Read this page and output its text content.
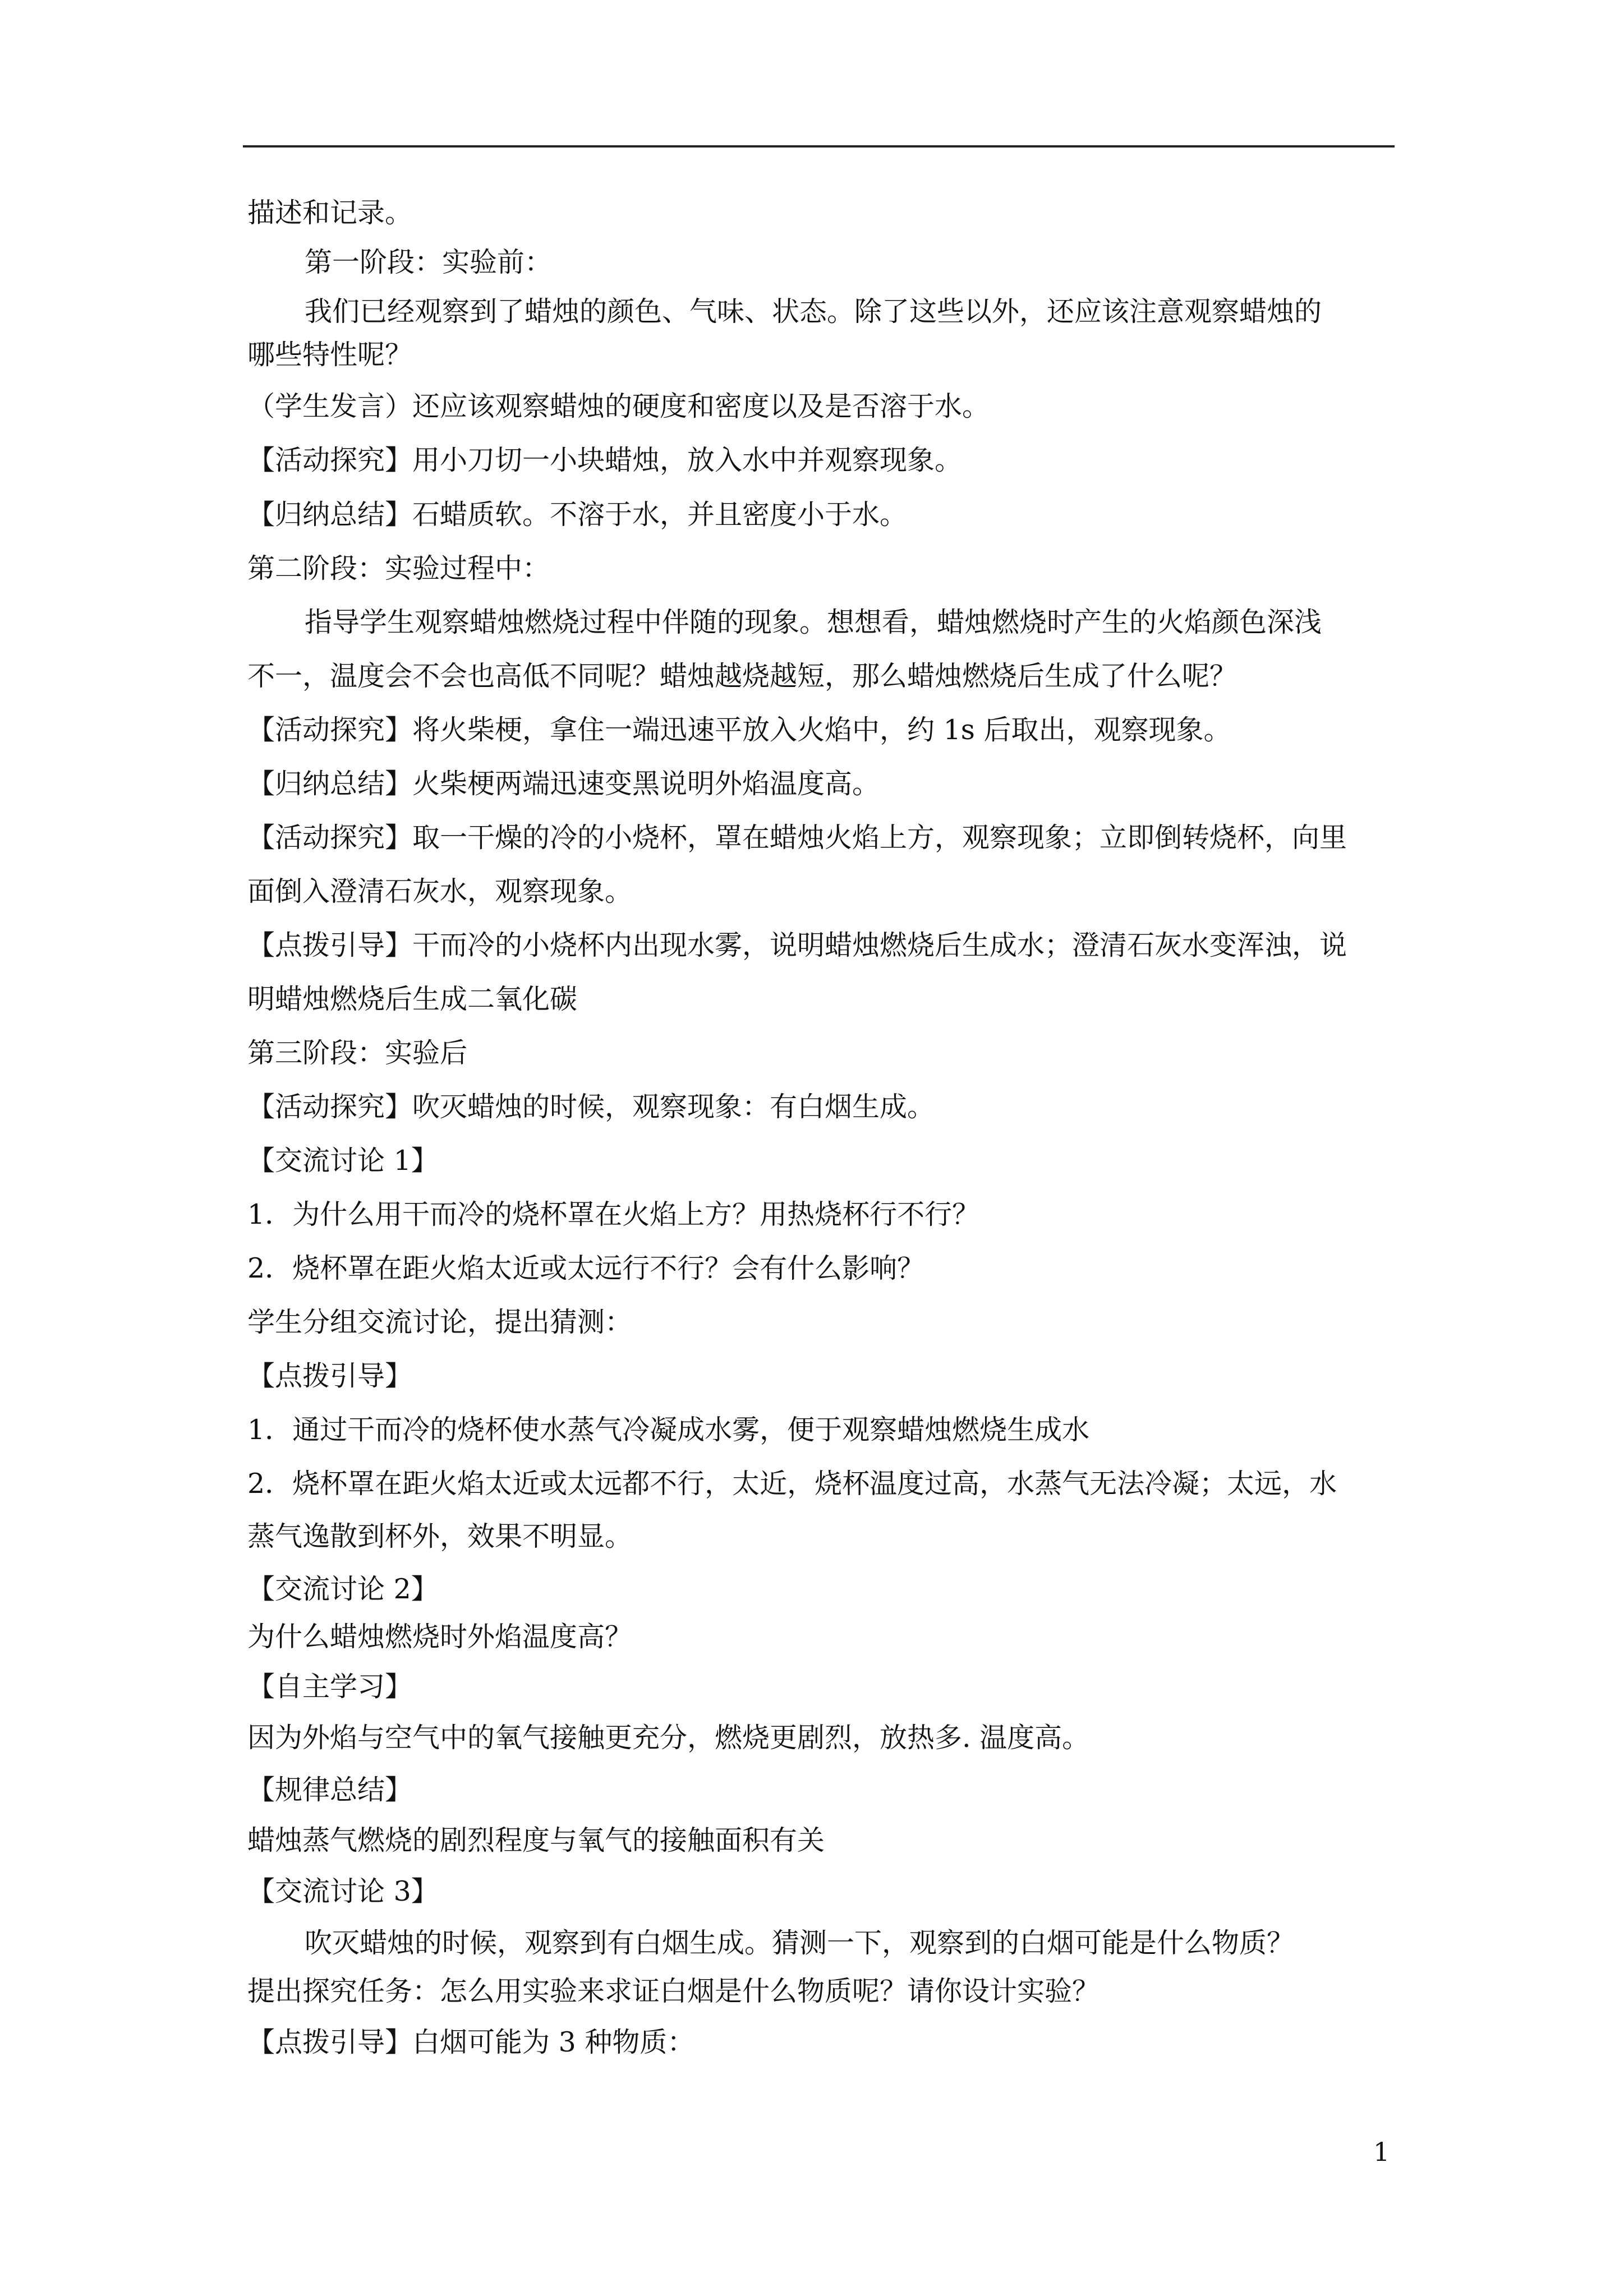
描述和记录。

第一阶段：实验前：

我们已经观察到了蜡烛的颜色、气味、状态。除了这些以外，还应该注意观察蜡烛的

哪些特性呢？

（学生发言）还应该观察蜡烛的硬度和密度以及是否溶于水。

【活动探究】用小刀切一小块蜡烛，放入水中并观察现象。

【归纳总结】石蜡质软。不溶于水，并且密度小于水。

第二阶段：实验过程中：

指导学生观察蜡烛燃烧过程中伴随的现象。想想看，蜡烛燃烧时产生的火焰颜色深浅

不一，温度会不会也高低不同呢？蜡烛越烧越短，那么蜡烛燃烧后生成了什么呢？

【活动探究】将火柴梗，拿住一端迅速平放入火焰中，约 1s 后取出，观察现象。

【归纳总结】火柴梗两端迅速变黑说明外焰温度高。

【活动探究】取一干燥的冷的小烧杯，罩在蜡烛火焰上方，观察现象；立即倒转烧杯，向里

面倒入澄清石灰水，观察现象。

【点拨引导】干而冷的小烧杯内出现水雾，说明蜡烛燃烧后生成水；澄清石灰水变浑浊，说

明蜡烛燃烧后生成二氧化碳

第三阶段：实验后

【活动探究】吹灭蜡烛的时候，观察现象：有白烟生成。

【交流讨论 1】

1．为什么用干而冷的烧杯罩在火焰上方？用热烧杯行不行？

2．烧杯罩在距火焰太近或太远行不行？会有什么影响？

学生分组交流讨论，提出猜测：

【点拨引导】

1．通过干而冷的烧杯使水蒸气冷凝成水雾，便于观察蜡烛燃烧生成水

2．烧杯罩在距火焰太近或太远都不行，太近，烧杯温度过高，水蒸气无法冷凝；太远，水

蒸气逸散到杯外，效果不明显。

【交流讨论 2】

为什么蜡烛燃烧时外焰温度高？

【自主学习】

因为外焰与空气中的氧气接触更充分，燃烧更剧烈，放热多. 温度高。

【规律总结】

蜡烛蒸气燃烧的剧烈程度与氧气的接触面积有关

【交流讨论 3】

吹灭蜡烛的时候，观察到有白烟生成。猜测一下，观察到的白烟可能是什么物质？

提出探究任务：怎么用实验来求证白烟是什么物质呢？请你设计实验？

【点拨引导】白烟可能为 3 种物质：

1
